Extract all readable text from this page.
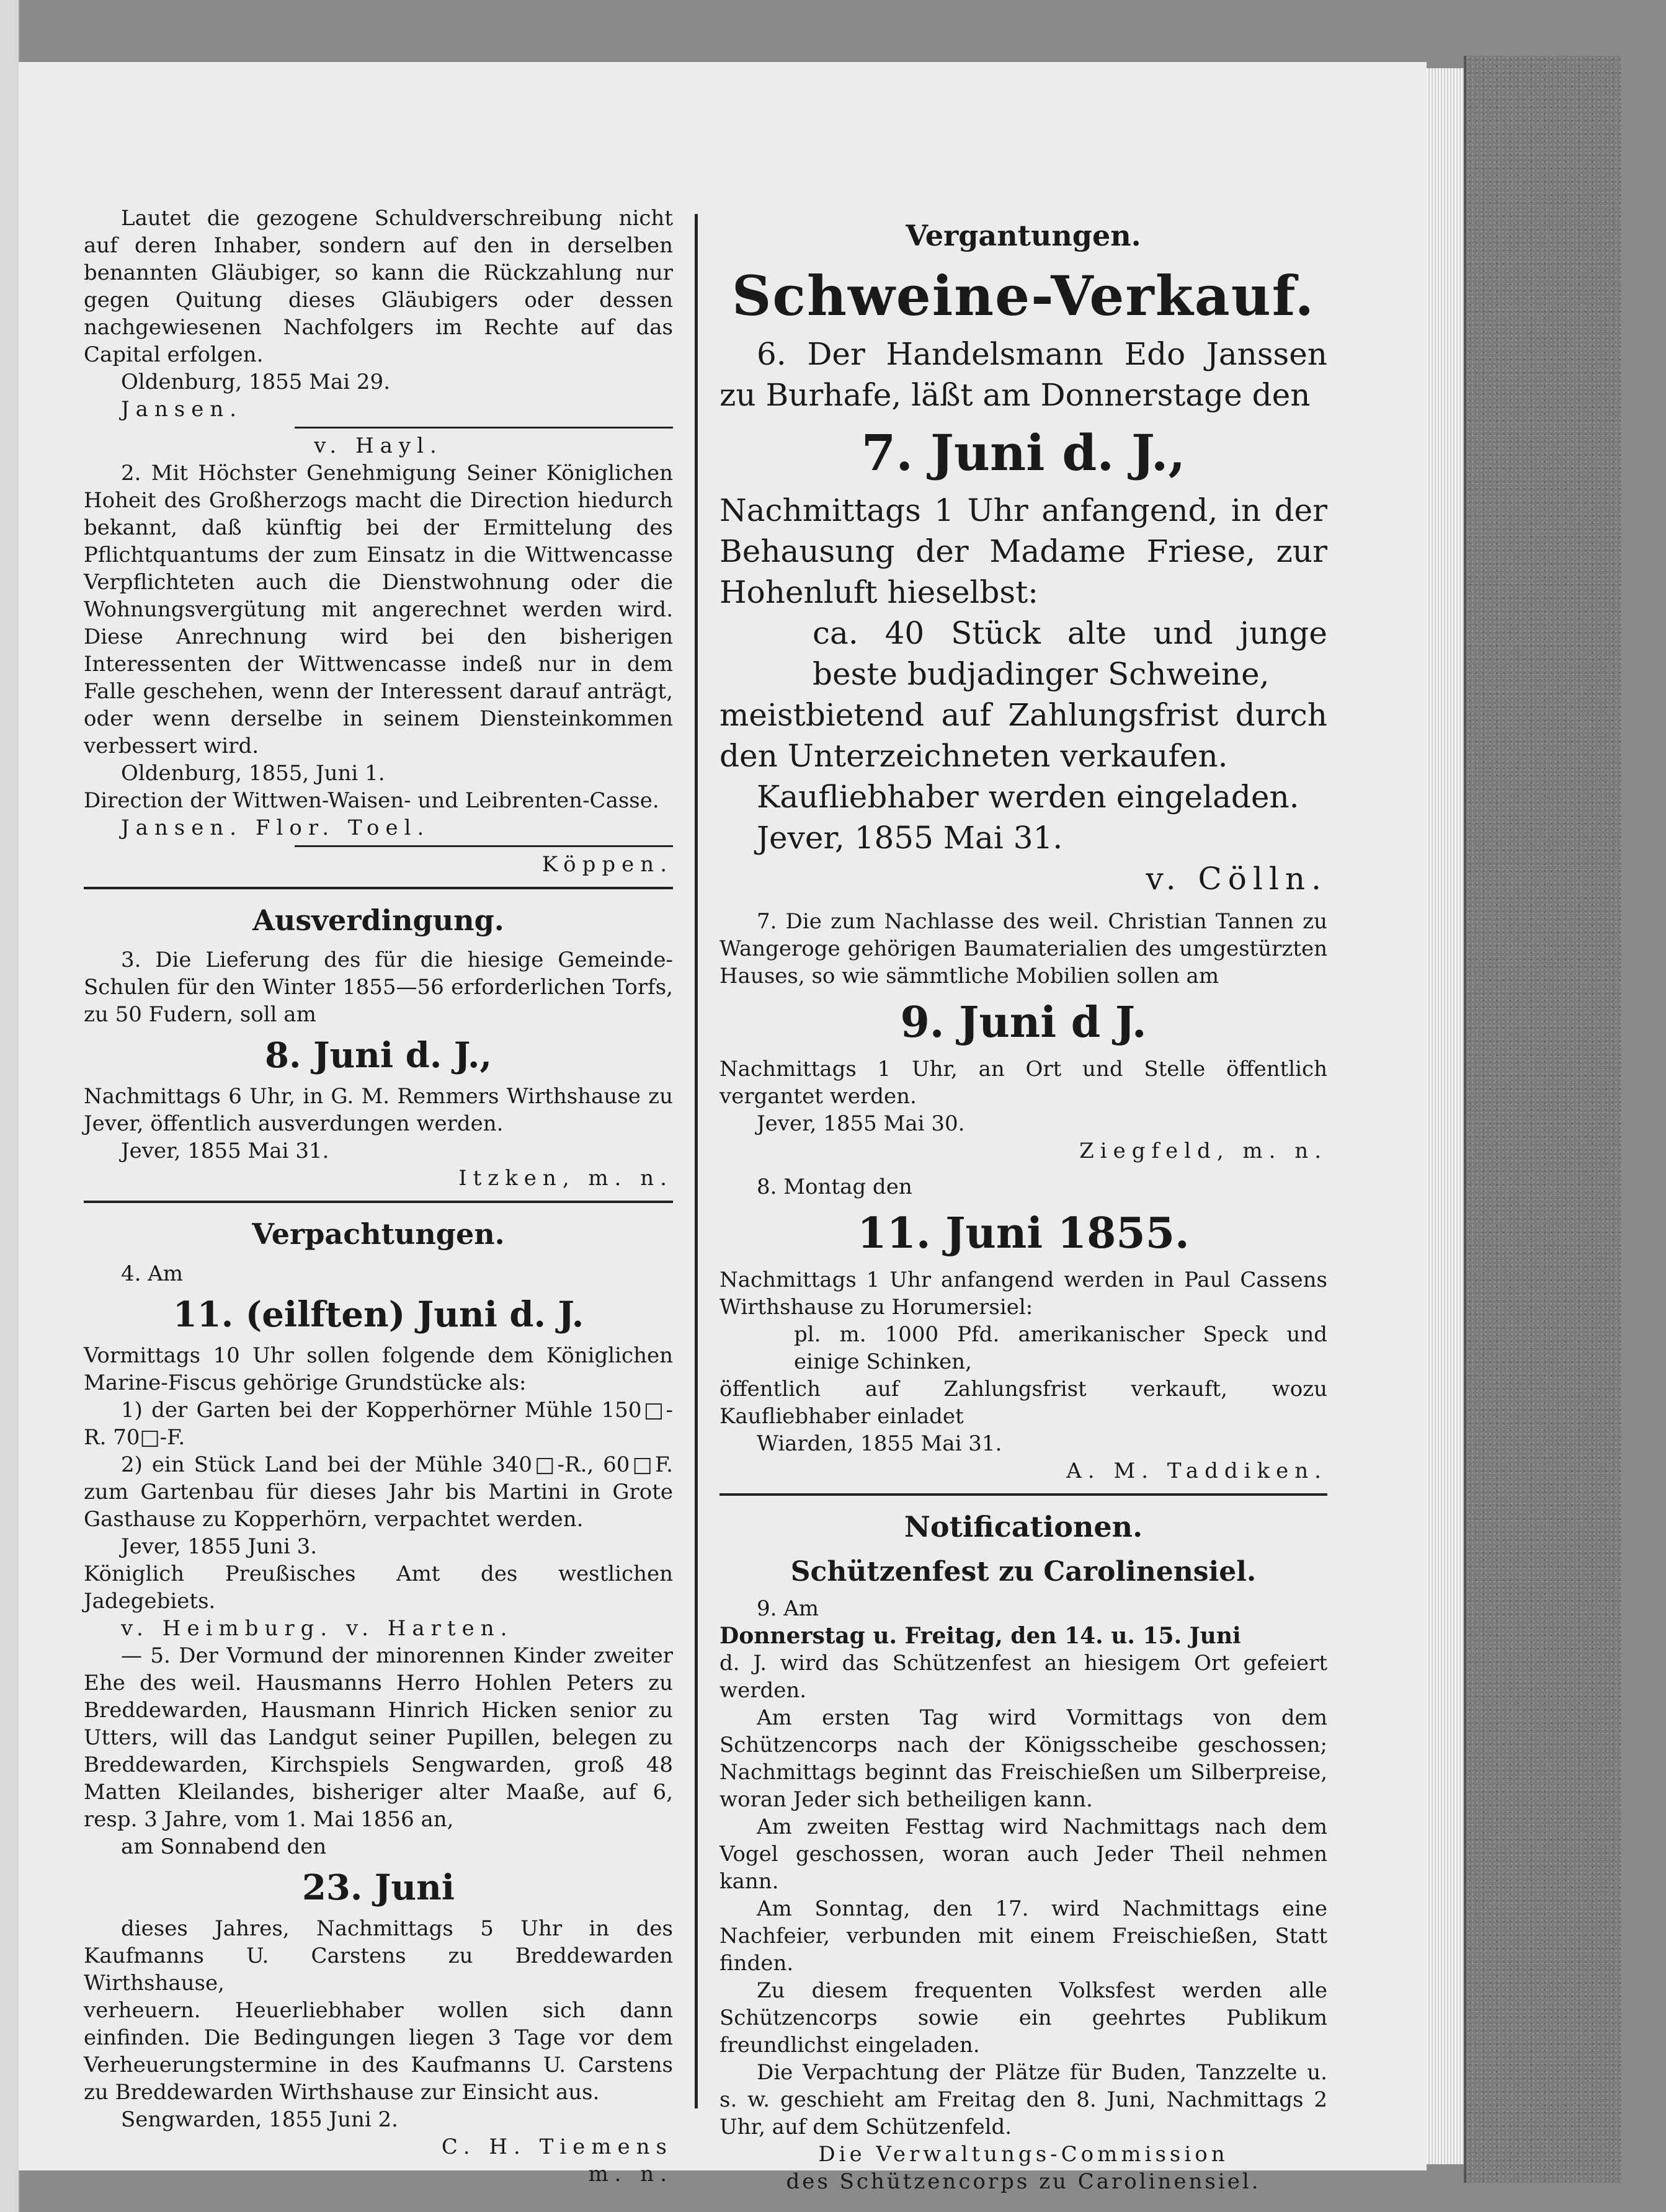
Lautet die gezogene Schuldverschreibung nicht auf deren Inhaber, sondern auf den in derselben benannten Gläubiger, so kann die Rückzahlung nur gegen Quitung dieses Gläubigers oder dessen nachgewiesenen Nachfolgers im Rechte auf das Capital erfolgen.

Oldenburg, 1855 Mai 29.

Jansen.

v. Hayl.

2. Mit Höchster Genehmigung Seiner Königlichen Hoheit des Großherzogs macht die Direction hiedurch bekannt, daß künftig bei der Ermittelung des Pflichtquantums der zum Einsatz in die Wittwencasse Verpflichteten auch die Dienstwohnung oder die Wohnungsvergütung mit angerechnet werden wird. Diese Anrechnung wird bei den bisherigen Interessenten der Wittwencasse indeß nur in dem Falle geschehen, wenn der Interessent darauf anträgt, oder wenn derselbe in seinem Diensteinkommen verbessert wird.

Oldenburg, 1855, Juni 1.

Direction der Wittwen-Waisen- und Leibrenten-Casse.

Jansen. Flor. Toel.

Köppen.

Ausverdingung.

3. Die Lieferung des für die hiesige Gemeinde-Schulen für den Winter 1855—56 erforderlichen Torfs, zu 50 Fudern, soll am

8. Juni d. J.,

Nachmittags 6 Uhr, in G. M. Remmers Wirthshause zu Jever, öffentlich ausverdungen werden.

Jever, 1855 Mai 31.

Itzken, m. n.

Verpachtungen.

4. Am

11. (eilften) Juni d. J.

Vormittags 10 Uhr sollen folgende dem Königlichen Marine-Fiscus gehörige Grundstücke als:

1) der Garten bei der Kopperhörner Mühle 150□-R. 70□-F.

2) ein Stück Land bei der Mühle 340□-R., 60□F. zum Gartenbau für dieses Jahr bis Martini in Grote Gasthause zu Kopperhörn, verpachtet werden.

Jever, 1855 Juni 3.

Königlich Preußisches Amt des westlichen Jadegebiets.

v. Heimburg. v. Harten.

— 5. Der Vormund der minorennen Kinder zweiter Ehe des weil. Hausmanns Herro Hohlen Peters zu Breddewarden, Hausmann Hinrich Hicken senior zu Utters, will das Landgut seiner Pupillen, belegen zu Breddewarden, Kirchspiels Sengwarden, groß 48 Matten Kleilandes, bisheriger alter Maaße, auf 6, resp. 3 Jahre, vom 1. Mai 1856 an,

am Sonnabend den

23. Juni

dieses Jahres, Nachmittags 5 Uhr in des Kaufmanns U. Carstens zu Breddewarden Wirthshause,

verheuern. Heuerliebhaber wollen sich dann einfinden. Die Bedingungen liegen 3 Tage vor dem Verheuerungstermine in des Kaufmanns U. Carstens zu Breddewarden Wirthshause zur Einsicht aus.

Sengwarden, 1855 Juni 2.

C. H. Tiemens

m. n.

Vergantungen.
Schweine-Verkauf.

6. Der Handelsmann Edo Janssen zu Burhafe, läßt am Donnerstage den

7. Juni d. J.,

Nachmittags 1 Uhr anfangend, in der Behausung der Madame Friese, zur Hohenluft hieselbst:

ca. 40 Stück alte und junge beste budjadinger Schweine,

meistbietend auf Zahlungsfrist durch den Unterzeichneten verkaufen.

Kaufliebhaber werden eingeladen.

Jever, 1855 Mai 31.

v. Cölln.

7. Die zum Nachlasse des weil. Christian Tannen zu Wangeroge gehörigen Baumaterialien des umgestürzten Hauses, so wie sämmtliche Mobilien sollen am

9. Juni d J.

Nachmittags 1 Uhr, an Ort und Stelle öffentlich vergantet werden.

Jever, 1855 Mai 30.

Ziegfeld, m. n.

8. Montag den

11. Juni 1855.

Nachmittags 1 Uhr anfangend werden in Paul Cassens Wirthshause zu Horumersiel:

pl. m. 1000 Pfd. amerikanischer Speck und einige Schinken,

öffentlich auf Zahlungsfrist verkauft, wozu Kaufliebhaber einladet

Wiarden, 1855 Mai 31.

A. M. Taddiken.

Notificationen.
Schützenfest zu Carolinensiel.

9. Am

Donnerstag u. Freitag, den 14. u. 15. Juni

d. J. wird das Schützenfest an hiesigem Ort gefeiert werden.

Am ersten Tag wird Vormittags von dem Schützencorps nach der Königsscheibe geschossen; Nachmittags beginnt das Freischießen um Silberpreise, woran Jeder sich betheiligen kann.

Am zweiten Festtag wird Nachmittags nach dem Vogel geschossen, woran auch Jeder Theil nehmen kann.

Am Sonntag, den 17. wird Nachmittags eine Nachfeier, verbunden mit einem Freischießen, Statt finden.

Zu diesem frequenten Volksfest werden alle Schützencorps sowie ein geehrtes Publikum freundlichst eingeladen.

Die Verpachtung der Plätze für Buden, Tanzzelte u. s. w. geschieht am Freitag den 8. Juni, Nachmittags 2 Uhr, auf dem Schützenfeld.

Die Verwaltungs-Commission

des Schützencorps zu Carolinensiel.
